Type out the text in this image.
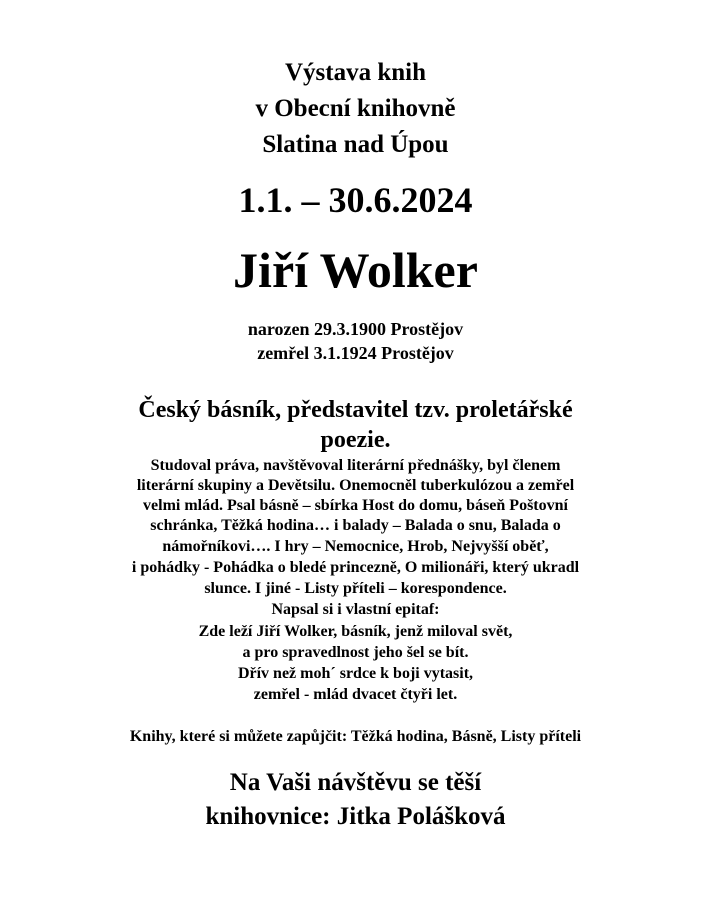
Výstava knih
v Obecní knihovně
Slatina nad Úpou
1.1. – 30.6.2024
Jiří Wolker
narozen 29.3.1900 Prostějov
zemřel 3.1.1924 Prostějov
Český básník, představitel tzv. proletářské
poezie.
Studoval práva, navštěvoval literární přednášky, byl členem
literární skupiny a Devětsilu. Onemocněl tuberkulózou a zemřel
velmi mlád. Psal básně – sbírka Host do domu, báseň Poštovní
schránka, Těžká hodina… i balady – Balada o snu, Balada o
námořníkovi…. I hry – Nemocnice, Hrob, Nejvyšší oběť,
i pohádky - Pohádka o bledé princezně, O milionáři, který ukradl
slunce. I jiné - Listy příteli – korespondence.
Napsal si i vlastní epitaf:
Zde leží Jiří Wolker, básník, jenž miloval svět,
a pro spravedlnost jeho šel se bít.
Dřív než moh´ srdce k boji vytasit,
zemřel - mlád dvacet čtyři let.
Knihy, které si můžete zapůjčit: Těžká hodina, Básně, Listy příteli
Na Vaši návštěvu se těší
knihovnice: Jitka Polášková
